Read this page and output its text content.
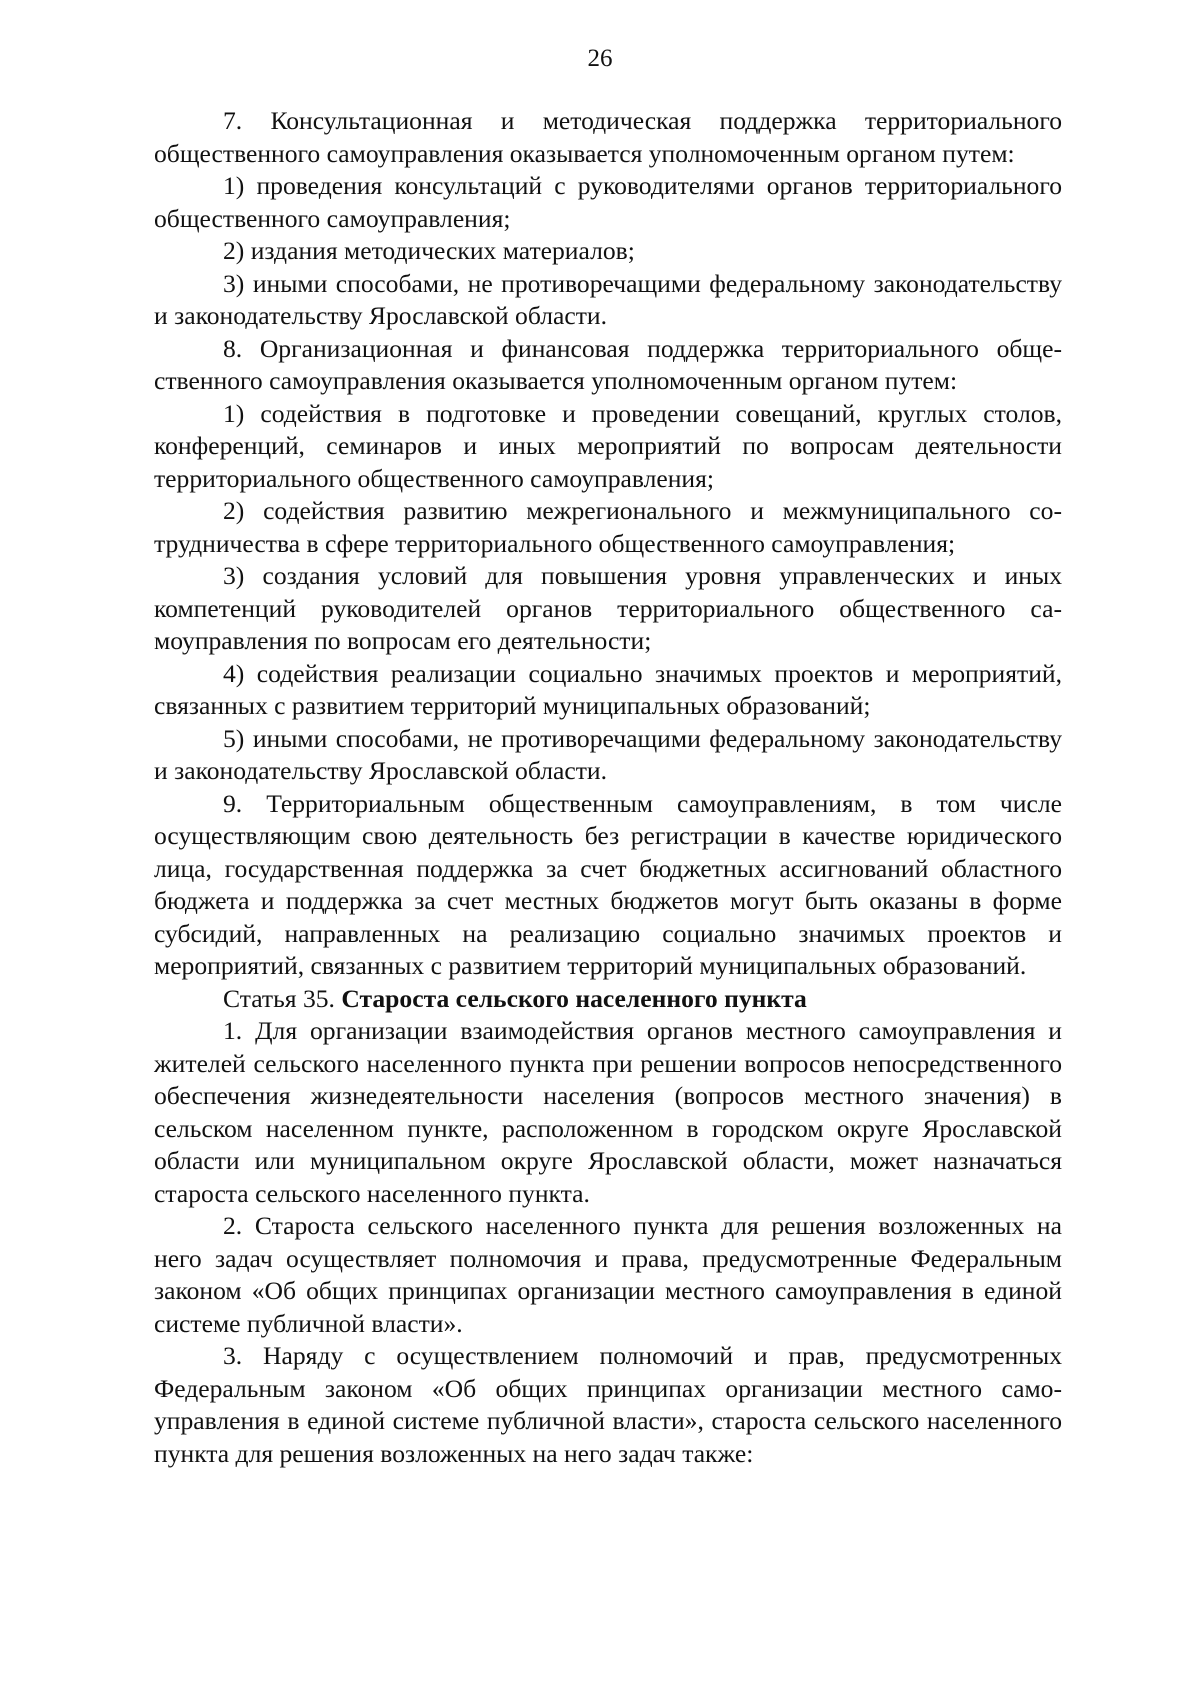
26

7. Консультационная и методическая поддержка территориального общественного самоуправления оказывается уполномоченным органом путем:

1) проведения консультаций с руководителями органов территориального общественного самоуправления;

2) издания методических материалов;

3) иными способами, не противоречащими федеральному законодательству и законодательству Ярославской области.

8. Организационная и финансовая поддержка территориального общественного самоуправления оказывается уполномоченным органом путем:

1) содействия в подготовке и проведении совещаний, круглых столов, конференций, семинаров и иных мероприятий по вопросам деятельности территориального общественного самоуправления;

2) содействия развитию межрегионального и межмуниципального сотрудничества в сфере территориального общественного самоуправления;

3) создания условий для повышения уровня управленческих и иных компетенций руководителей органов территориального общественного самоуправления по вопросам его деятельности;

4) содействия реализации социально значимых проектов и мероприятий, связанных с развитием территорий муниципальных образований;

5) иными способами, не противоречащими федеральному законодательству и законодательству Ярославской области.

9. Территориальным общественным самоуправлениям, в том числе осуществляющим свою деятельность без регистрации в качестве юридического лица, государственная поддержка за счет бюджетных ассигнований областного бюджета и поддержка за счет местных бюджетов могут быть оказаны в форме субсидий, направленных на реализацию социально значимых проектов и мероприятий, связанных с развитием территорий муниципальных образований.

Статья 35. Староста сельского населенного пункта

1. Для организации взаимодействия органов местного самоуправления и жителей сельского населенного пункта при решении вопросов непосредственного обеспечения жизнедеятельности населения (вопросов местного значения) в сельском населенном пункте, расположенном в городском округе Ярославской области или муниципальном округе Ярославской области, может назначаться староста сельского населенного пункта.

2. Староста сельского населенного пункта для решения возложенных на него задач осуществляет полномочия и права, предусмотренные Федеральным законом «Об общих принципах организации местного самоуправления в единой системе публичной власти».

3. Наряду с осуществлением полномочий и прав, предусмотренных Федеральным законом «Об общих принципах организации местного самоуправления в единой системе публичной власти», староста сельского населенного пункта для решения возложенных на него задач также:
